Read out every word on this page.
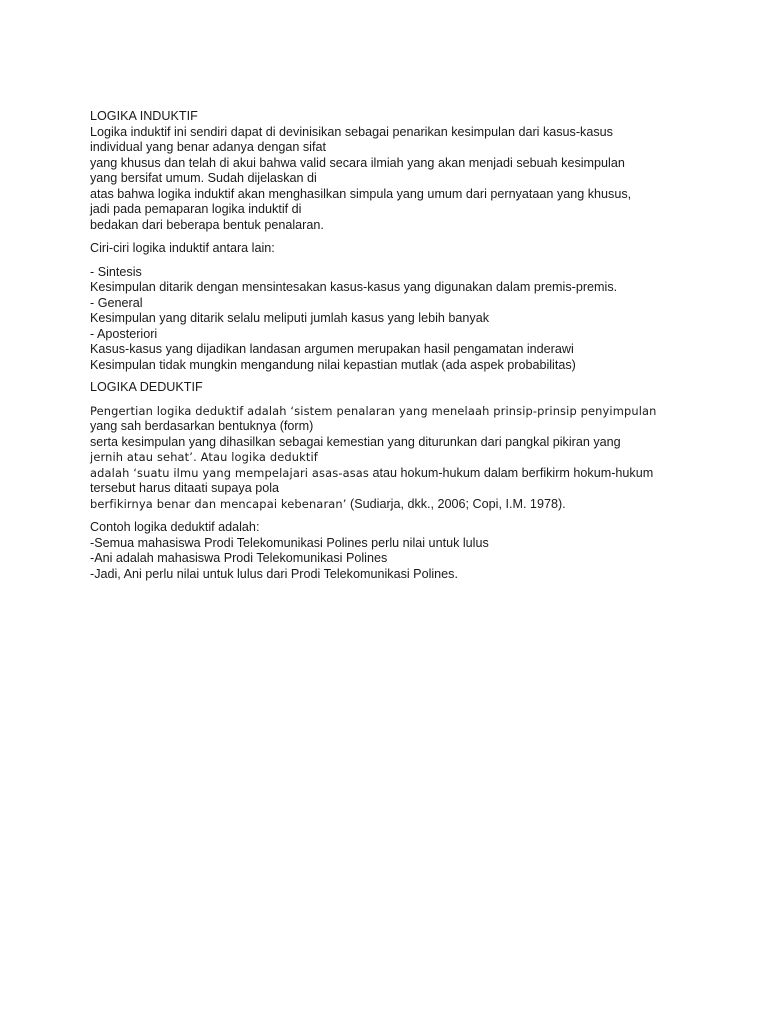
LOGIKA INDUKTIF
Logika induktif ini sendiri dapat di devinisikan sebagai penarikan kesimpulan dari kasus-kasus
individual yang benar adanya dengan sifat
yang khusus dan telah di akui bahwa valid secara ilmiah yang akan menjadi sebuah kesimpulan
yang bersifat umum. Sudah dijelaskan di
atas bahwa logika induktif akan menghasilkan simpula yang umum dari pernyataan yang khusus,
jadi pada pemaparan logika induktif di
bedakan dari beberapa bentuk penalaran.
Ciri-ciri logika induktif antara lain:
- Sintesis
Kesimpulan ditarik dengan mensintesakan kasus-kasus yang digunakan dalam premis-premis.
- General
Kesimpulan yang ditarik selalu meliputi jumlah kasus yang lebih banyak
- Aposteriori
Kasus-kasus yang dijadikan landasan argumen merupakan hasil pengamatan inderawi
Kesimpulan tidak mungkin mengandung nilai kepastian mutlak (ada aspek probabilitas)
LOGIKA DEDUKTIF
Pengertian logika deduktif adalah ‘sistem penalaran yang menelaah prinsip-prinsip penyimpulan
yang sah berdasarkan bentuknya (form)
serta kesimpulan yang dihasilkan sebagai kemestian yang diturunkan dari pangkal pikiran yang
jernih atau sehat’. Atau logika deduktif
adalah ‘suatu ilmu yang mempelajari asas-asas atau hokum-hukum dalam berfikirm hokum-hukum
tersebut harus ditaati supaya pola
berfikirnya benar dan mencapai kebenaran’ (Sudiarja, dkk., 2006; Copi, I.M. 1978).
Contoh logika deduktif adalah:
-Semua mahasiswa Prodi Telekomunikasi Polines perlu nilai untuk lulus
-Ani adalah mahasiswa Prodi Telekomunikasi Polines
-Jadi, Ani perlu nilai untuk lulus dari Prodi Telekomunikasi Polines.
